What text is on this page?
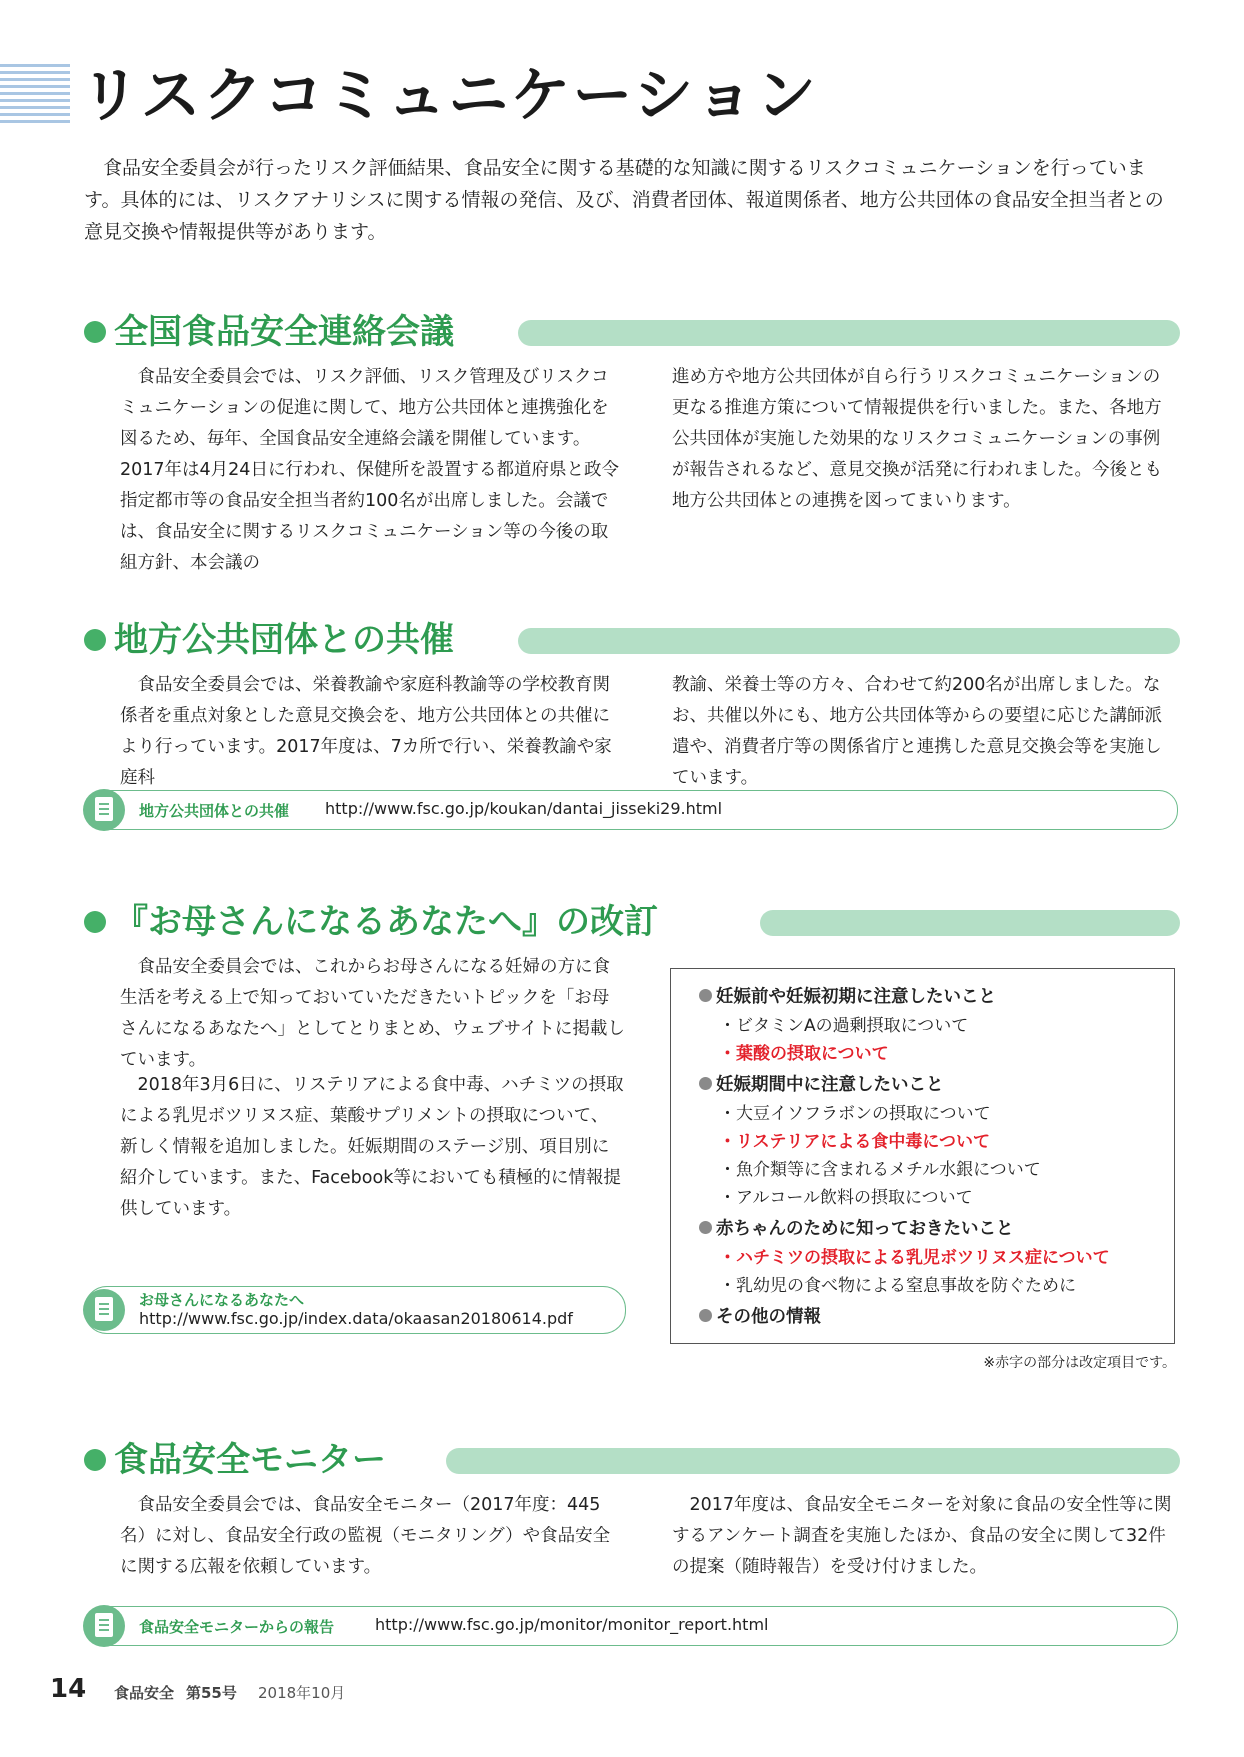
リスクコミュニケーション

食品安全委員会が行ったリスク評価結果、食品安全に関する基礎的な知識に関するリスクコミュニケーションを行っています。具体的には、リスクアナリシスに関する情報の発信、及び、消費者団体、報道関係者、地方公共団体の食品安全担当者との意見交換や情報提供等があります。

全国食品安全連絡会議

食品安全委員会では、リスク評価、リスク管理及びリスクコミュニケーションの促進に関して、地方公共団体と連携強化を図るため、毎年、全国食品安全連絡会議を開催しています。2017年は4月24日に行われ、保健所を設置する都道府県と政令指定都市等の食品安全担当者約100名が出席しました。会議では、食品安全に関するリスクコミュニケーション等の今後の取組方針、本会議の

進め方や地方公共団体が自ら行うリスクコミュニケーションの更なる推進方策について情報提供を行いました。また、各地方公共団体が実施した効果的なリスクコミュニケーションの事例が報告されるなど、意見交換が活発に行われました。今後とも地方公共団体との連携を図ってまいります。

地方公共団体との共催

食品安全委員会では、栄養教諭や家庭科教諭等の学校教育関係者を重点対象とした意見交換会を、地方公共団体との共催により行っています。2017年度は、7カ所で行い、栄養教諭や家庭科

教諭、栄養士等の方々、合わせて約200名が出席しました。なお、共催以外にも、地方公共団体等からの要望に応じた講師派遣や、消費者庁等の関係省庁と連携した意見交換会等を実施しています。

地方公共団体との共催 http://www.fsc.go.jp/koukan/dantai_jisseki29.html
『お母さんになるあなたへ』の改訂

食品安全委員会では、これからお母さんになる妊婦の方に食生活を考える上で知っておいていただきたいトピックを「お母さんになるあなたへ」としてとりまとめ、ウェブサイトに掲載しています。

2018年3月6日に、リステリアによる食中毒、ハチミツの摂取による乳児ボツリヌス症、葉酸サプリメントの摂取について、新しく情報を追加しました。妊娠期間のステージ別、項目別に紹介しています。また、Facebook等においても積極的に情報提供しています。

お母さんになるあなたへ
http://www.fsc.go.jp/index.data/okaasan20180614.pdf
妊娠前や妊娠初期に注意したいこと
・ビタミンAの過剰摂取について
・葉酸の摂取について
妊娠期間中に注意したいこと
・大豆イソフラボンの摂取について
・リステリアによる食中毒について
・魚介類等に含まれるメチル水銀について
・アルコール飲料の摂取について
赤ちゃんのために知っておきたいこと
・ハチミツの摂取による乳児ボツリヌス症について
・乳幼児の食べ物による窒息事故を防ぐために
その他の情報
※赤字の部分は改定項目です。
食品安全モニター

食品安全委員会では、食品安全モニター（2017年度：445名）に対し、食品安全行政の監視（モニタリング）や食品安全に関する広報を依頼しています。

2017年度は、食品安全モニターを対象に食品の安全性等に関するアンケート調査を実施したほか、食品の安全に関して32件の提案（随時報告）を受け付けました。

食品安全モニターからの報告	http://www.fsc.go.jp/monitor/monitor_report.html
14 食品安全 第55号 2018年10月
